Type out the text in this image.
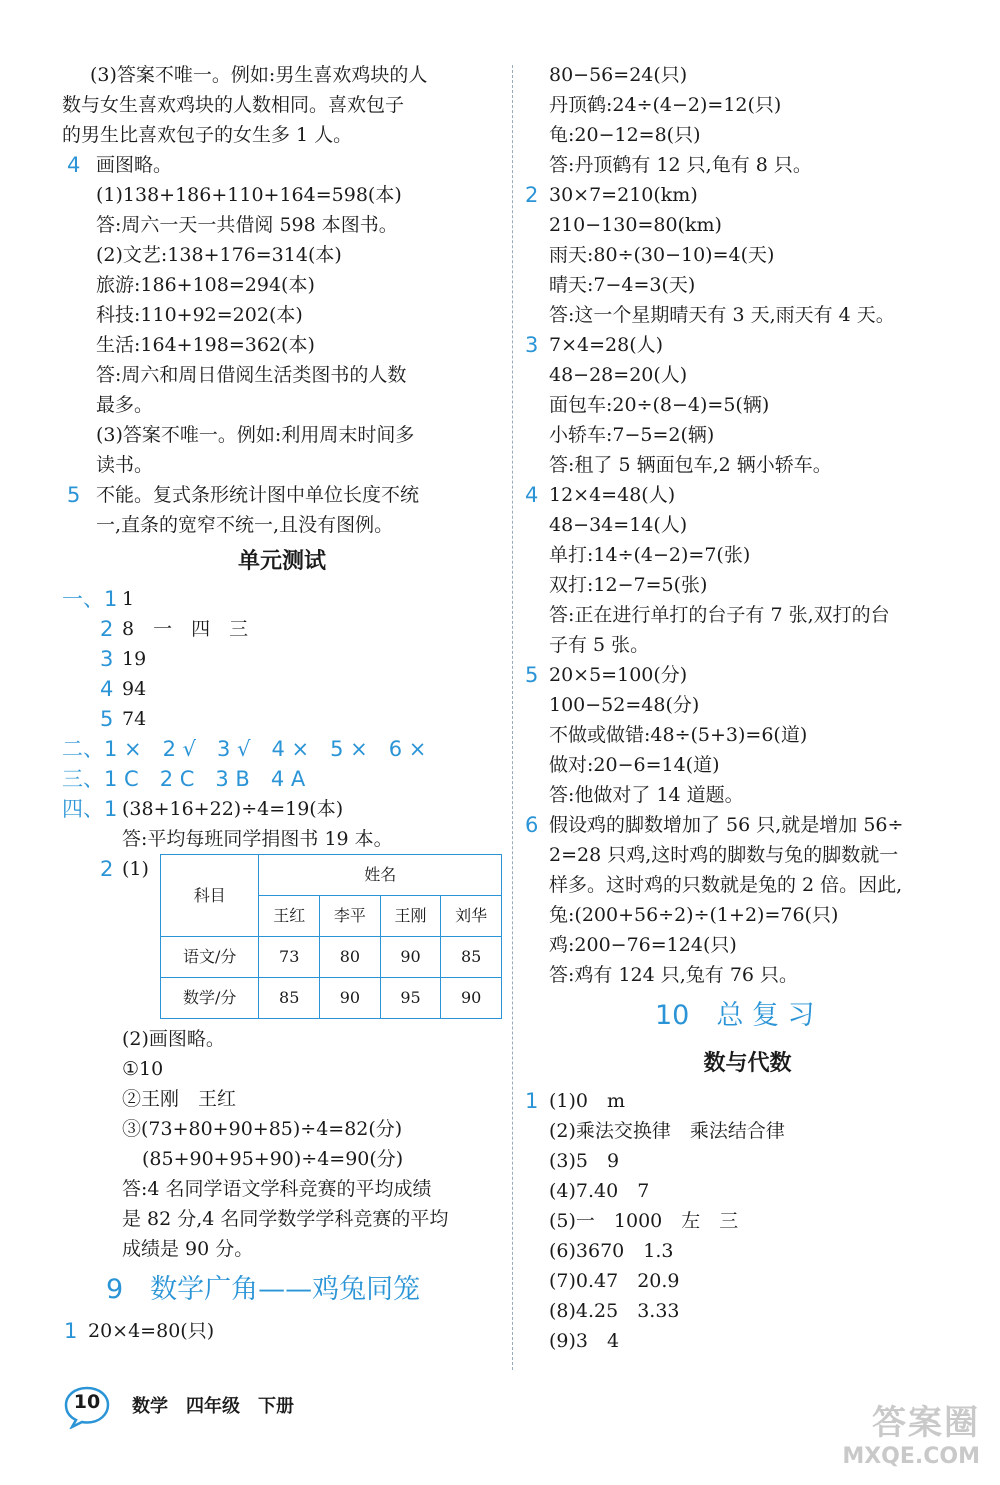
(3)答案不唯一。例如:男生喜欢鸡块的人
数与女生喜欢鸡块的人数相同。喜欢包子
的男生比喜欢包子的女生多 1 人。
4 画图略。
(1)138+186+110+164=598(本)
答:周六一天一共借阅 598 本图书。
(2)文艺:138+176=314(本)
旅游:186+108=294(本)
科技:110+92=202(本)
生活:164+198=362(本)
答:周六和周日借阅生活类图书的人数
最多。
(3)答案不唯一。例如:利用周末时间多
读书。
5 不能。复式条形统计图中单位长度不统
一,直条的宽窄不统一,且没有图例。
单元测试
一、1 1
2 8　一　四　三
3 19
4 94
5 74
二、1 ×　2 √　3 √　4 ×　5 ×　6 ×
三、1 C　2 C　3 B　4 A
四、1 (38+16+22)÷4=19(本)
答:平均每班同学捐图书 19 本。
2 (1)
科目	姓名			
	王红	李平	王刚	刘华
语文/分	73	80	90	85
数学/分	85	90	95	90
(2)画图略。
①10
②王刚　王红
③(73+80+90+85)÷4=82(分)
(85+90+95+90)÷4=90(分)
答:4 名同学语文学科竞赛的平均成绩
是 82 分,4 名同学数学学科竞赛的平均
成绩是 90 分。
9　数学广角——鸡兔同笼
1 20×4=80(只)
80−56=24(只)
丹顶鹤:24÷(4−2)=12(只)
龟:20−12=8(只)
答:丹顶鹤有 12 只,龟有 8 只。
2 30×7=210(km)
210−130=80(km)
雨天:80÷(30−10)=4(天)
晴天:7−4=3(天)
答:这一个星期晴天有 3 天,雨天有 4 天。
3 7×4=28(人)
48−28=20(人)
面包车:20÷(8−4)=5(辆)
小轿车:7−5=2(辆)
答:租了 5 辆面包车,2 辆小轿车。
4 12×4=48(人)
48−34=14(人)
单打:14÷(4−2)=7(张)
双打:12−7=5(张)
答:正在进行单打的台子有 7 张,双打的台
子有 5 张。
5 20×5=100(分)
100−52=48(分)
不做或做错:48÷(5+3)=6(道)
做对:20−6=14(道)
答:他做对了 14 道题。
6 假设鸡的脚数增加了 56 只,就是增加 56÷
2=28 只鸡,这时鸡的脚数与兔的脚数就一
样多。这时鸡的只数就是兔的 2 倍。因此,
兔:(200+56÷2)÷(1+2)=76(只)
鸡:200−76=124(只)
答:鸡有 124 只,兔有 76 只。
10　总 复 习
数与代数
1 (1)0　m
(2)乘法交换律　乘法结合律
(3)5　9
(4)7.40　7
(5)一　1000　左　三
(6)3670　1.3
(7)0.47　20.9
(8)4.25　3.33
(9)3　4
10	数学　四年级　下册	答案圈
MXQE.COM
